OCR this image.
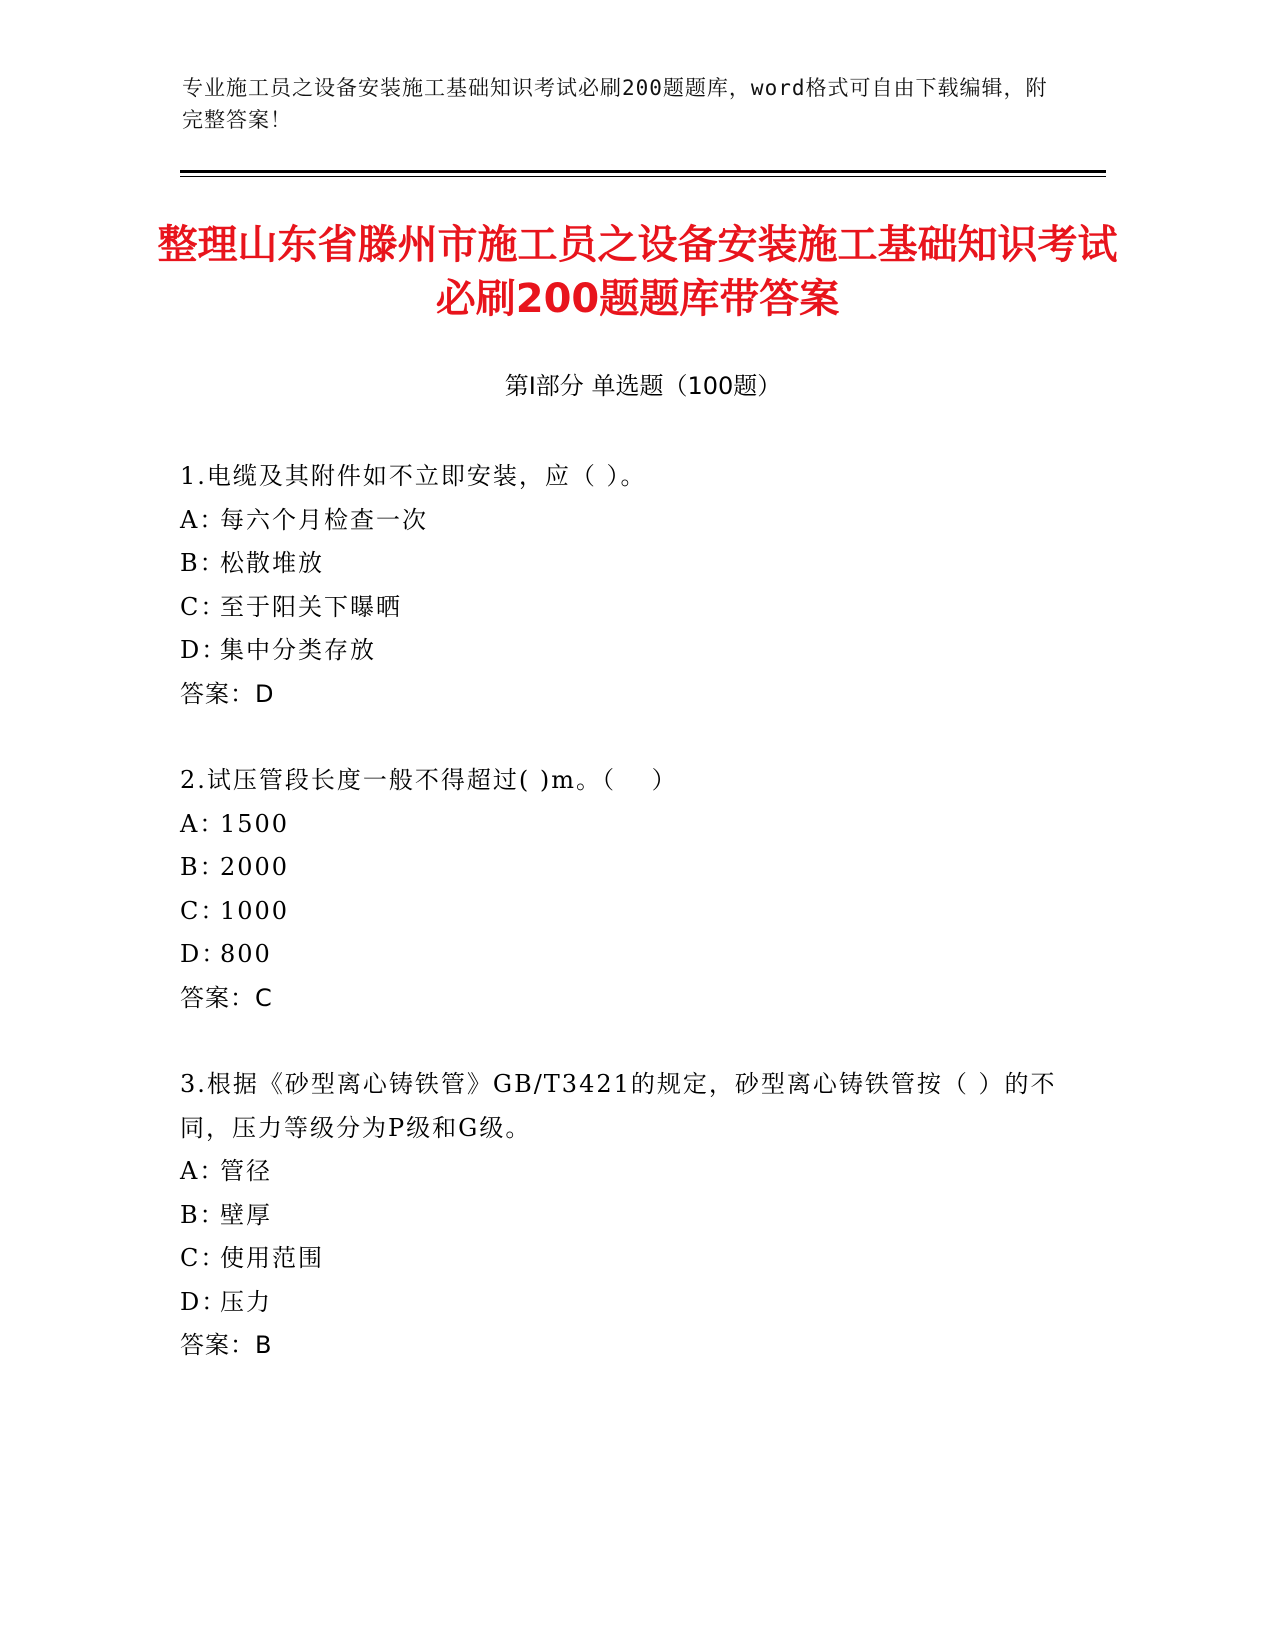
专业施工员之设备安装施工基础知识考试必刷200题题库，word格式可自由下载编辑，附完整答案！
整理山东省滕州市施工员之设备安装施工基础知识考试必刷200题题库带答案
第Ⅰ部分 单选题（100题）
1.电缆及其附件如不立即安装，应（ ）。
A：每六个月检查一次
B：松散堆放
C：至于阳关下曝晒
D：集中分类存放
答案：D
2.试压管段长度一般不得超过( )m。（　 ）
A：1500
B：2000
C：1000
D：800
答案：C
3.根据《砂型离心铸铁管》GB/T3421的规定，砂型离心铸铁管按（ ）的不同，压力等级分为P级和G级。
A：管径
B：壁厚
C：使用范围
D：压力
答案：B
